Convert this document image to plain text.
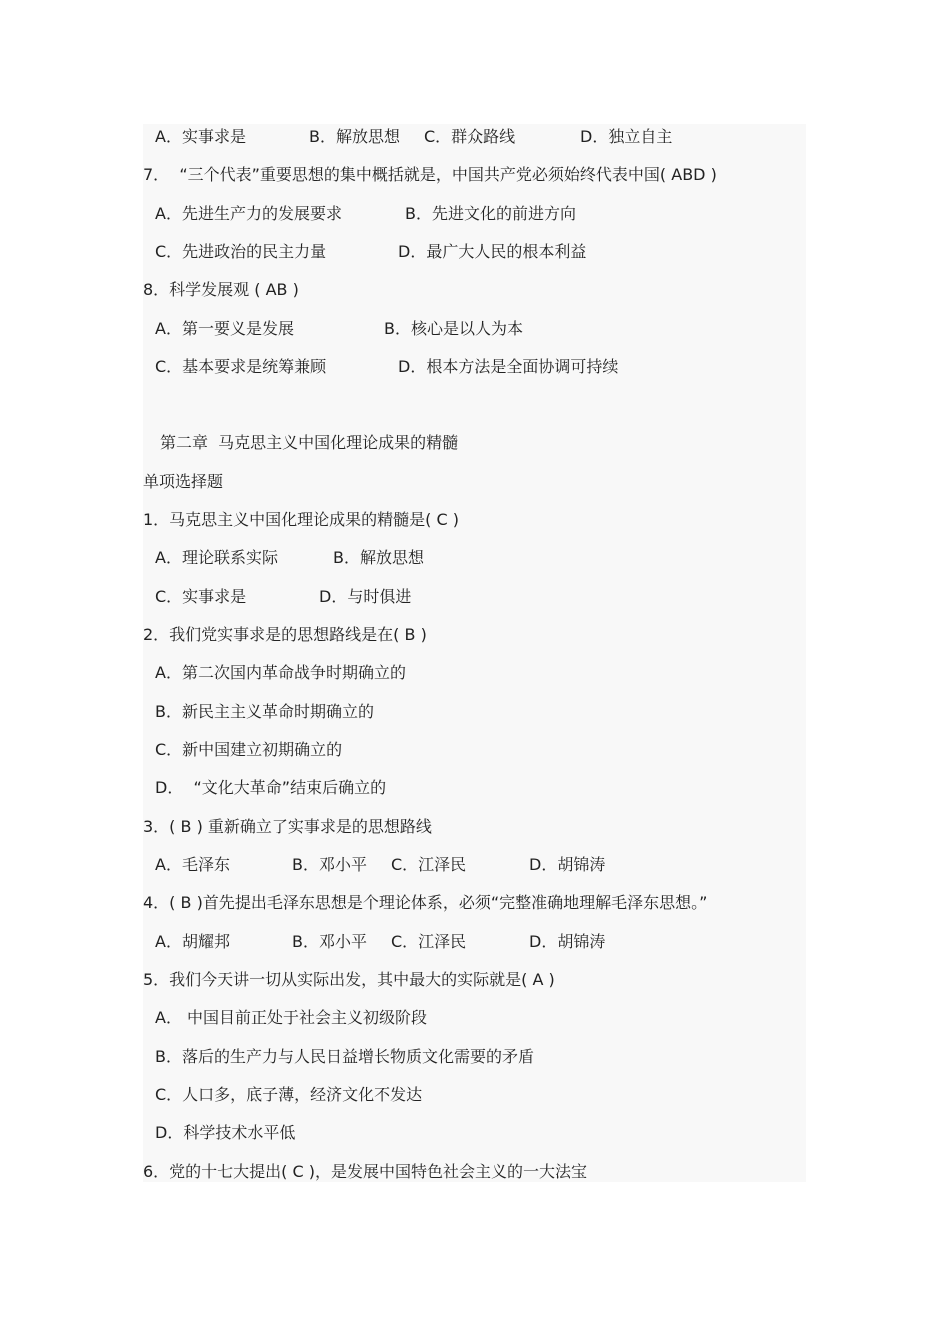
A．实事求是

	B．解放思想

C．群众路线

	D．独立自主

7．  “三个代表”重要思想的集中概括就是，中国共产党必须始终代表中国( ABD )

A．先进生产力的发展要求

	B．先进文化的前进方向

C．先进政治的民主力量

	D．最广大人民的根本利益

8．科学发展观 ( AB )

A．第一要义是发展

	B．核心是以人为本

C．基本要求是统筹兼顾

	D．根本方法是全面协调可持续

第二章  马克思主义中国化理论成果的精髓
单项选择题
1．马克思主义中国化理论成果的精髓是( C )

A．理论联系实际

	B．解放思想

C．实事求是

	D．与时俱进

2．我们党实事求是的思想路线是在( B )
A．第二次国内革命战争时期确立的
B．新民主主义革命时期确立的
C．新中国建立初期确立的
D．  “文化大革命”结束后确立的
3．( B ) 重新确立了实事求是的思想路线

A．毛泽东

	B．邓小平

C．江泽民

	D．胡锦涛

4．( B )首先提出毛泽东思想是个理论体系，必须“完整准确地理解毛泽东思想。”

A．胡耀邦

	B．邓小平

C．江泽民

	D．胡锦涛

5．我们今天讲一切从实际出发，其中最大的实际就是( A )
A． 中国目前正处于社会主义初级阶段
B．落后的生产力与人民日益增长物质文化需要的矛盾
C．人口多，底子薄，经济文化不发达
D．科学技术水平低
6．党的十七大提出( C )，是发展中国特色社会主义的一大法宝
